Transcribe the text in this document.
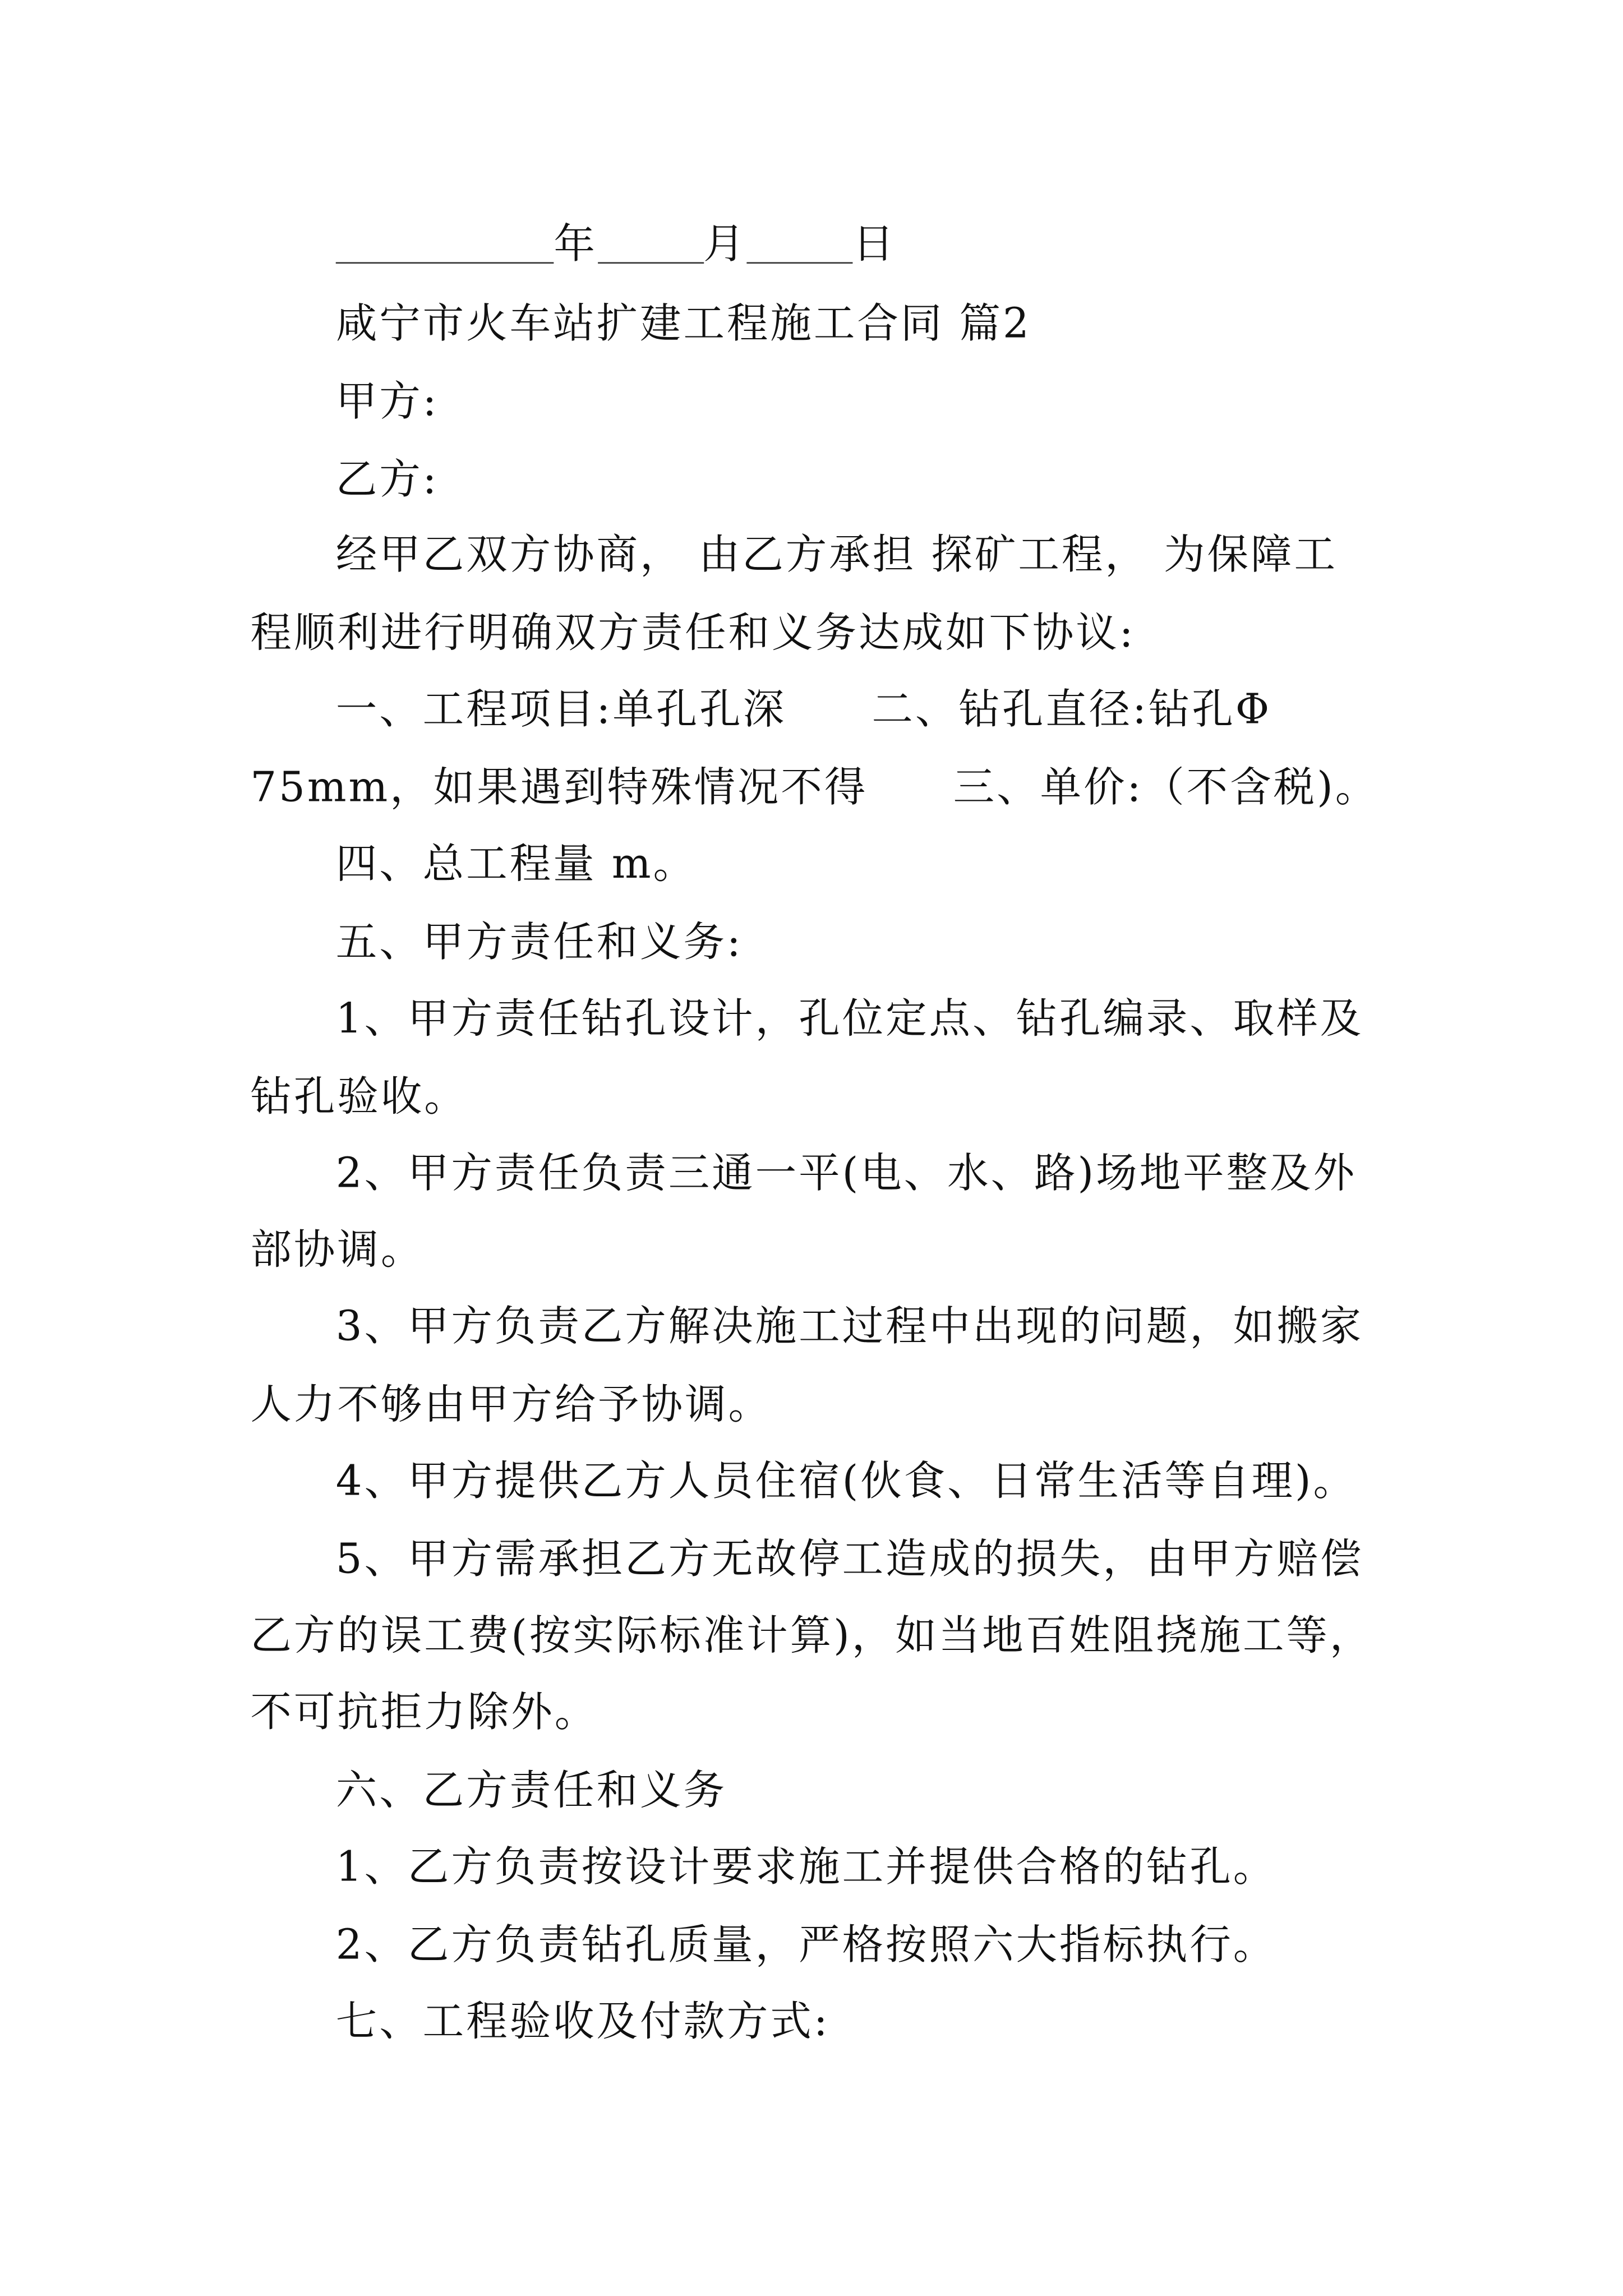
年	月	日
咸宁市火车站扩建工程施工合同 篇2
甲方:
乙方:
经甲乙双方协商， 由乙方承担 探矿工程， 为保障工
程顺利进行明确双方责任和义务达成如下协议:
一、工程项目:单孔孔深	二、钻孔直径:钻孔Φ
75mm，如果遇到特殊情况不得	三、单价:（不含税)。
四、总工程量 m。
五、甲方责任和义务:
1、甲方责任钻孔设计，孔位定点、钻孔编录、取样及
钻孔验收。
2、甲方责任负责三通一平(电、水、路)场地平整及外
部协调。
3、甲方负责乙方解决施工过程中出现的问题，如搬家
人力不够由甲方给予协调。
4、甲方提供乙方人员住宿(伙食、日常生活等自理)。
5、甲方需承担乙方无故停工造成的损失，由甲方赔偿
乙方的误工费(按实际标准计算)，如当地百姓阻挠施工等，
不可抗拒力除外。
六、乙方责任和义务
1、乙方负责按设计要求施工并提供合格的钻孔。
2、乙方负责钻孔质量，严格按照六大指标执行。
七、工程验收及付款方式:
